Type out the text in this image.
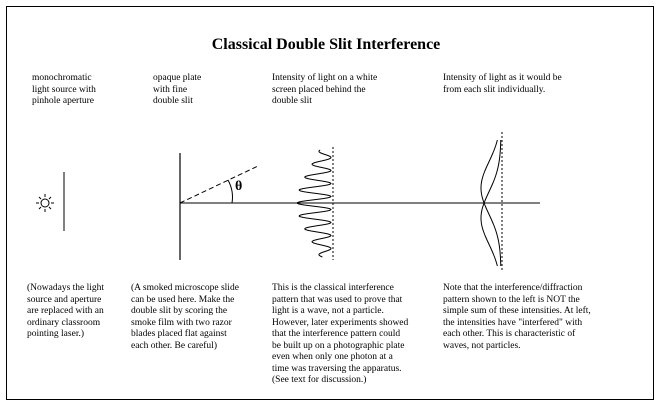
Classical Double Slit Interference
monochromatic
light source with
pinhole aperture
opaque plate
with fine
double slit
Intensity of light on a white
screen placed behind the
double slit
Intensity of light as it would be
from each slit individually.
θ
(Nowadays the light
source and aperture
are replaced with an
ordinary classroom
pointing laser.)
(A smoked microscope slide
can be used here. Make the
double slit by scoring the
smoke film with two razor
blades placed flat against
each other. Be careful)
This is the classical interference
pattern that was used to prove that
light is a wave, not a particle.
However, later experiments showed
that the interference pattern could
be built up on a photographic plate
even when only one photon at a
time was traversing the apparatus.
(See text for discussion.)
Note that the interference/diffraction
pattern shown to the left is NOT the
simple sum of these intensities. At left,
the intensities have "interfered" with
each other. This is characteristic of
waves, not particles.
